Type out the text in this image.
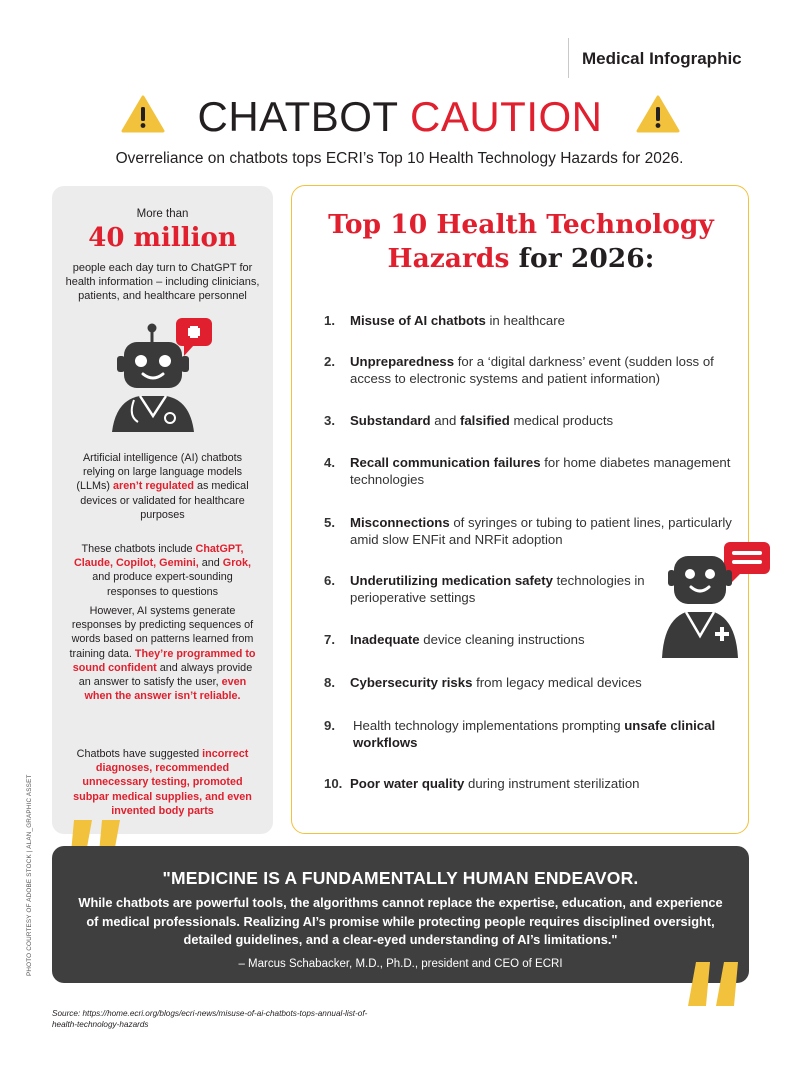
Medical Infographic
CHATBOT CAUTION
Overreliance on chatbots tops ECRI’s Top 10 Health Technology Hazards for 2026.
More than
40 million
people each day turn to ChatGPT for health information – including clinicians, patients, and healthcare personnel
Artificial intelligence (AI) chatbots relying on large language models (LLMs) aren’t regulated as medical devices or validated for healthcare purposes
These chatbots include ChatGPT, Claude, Copilot, Gemini, and Grok, and produce expert-sounding responses to questions
However, AI systems generate responses by predicting sequences of words based on patterns learned from training data. They’re programmed to sound confident and always provide an answer to satisfy the user, even when the answer isn’t reliable.
Chatbots have suggested incorrect diagnoses, recommended unnecessary testing, promoted subpar medical supplies, and even invented body parts
Top 10 Health Technology Hazards for 2026:
1. Misuse of AI chatbots in healthcare
2. Unpreparedness for a ‘digital darkness’ event (sudden loss of access to electronic systems and patient information)
3. Substandard and falsified medical products
4. Recall communication failures for home diabetes management technologies
5. Misconnections of syringes or tubing to patient lines, particularly amid slow ENFit and NRFit adoption
6. Underutilizing medication safety technologies in perioperative settings
7. Inadequate device cleaning instructions
8. Cybersecurity risks from legacy medical devices
9. Health technology implementations prompting unsafe clinical workflows
10. Poor water quality during instrument sterilization
"MEDICINE IS A FUNDAMENTALLY HUMAN ENDEAVOR.
While chatbots are powerful tools, the algorithms cannot replace the expertise, education, and experience of medical professionals. Realizing AI’s promise while protecting people requires disciplined oversight, detailed guidelines, and a clear-eyed understanding of AI’s limitations."
– Marcus Schabacker, M.D., Ph.D., president and CEO of ECRI
PHOTO COURTESY OF ADOBE STOCK | ALAN_GRAPHIC ASSET
Source: https://home.ecri.org/blogs/ecri-news/misuse-of-ai-chatbots-tops-annual-list-of-health-technology-hazards
